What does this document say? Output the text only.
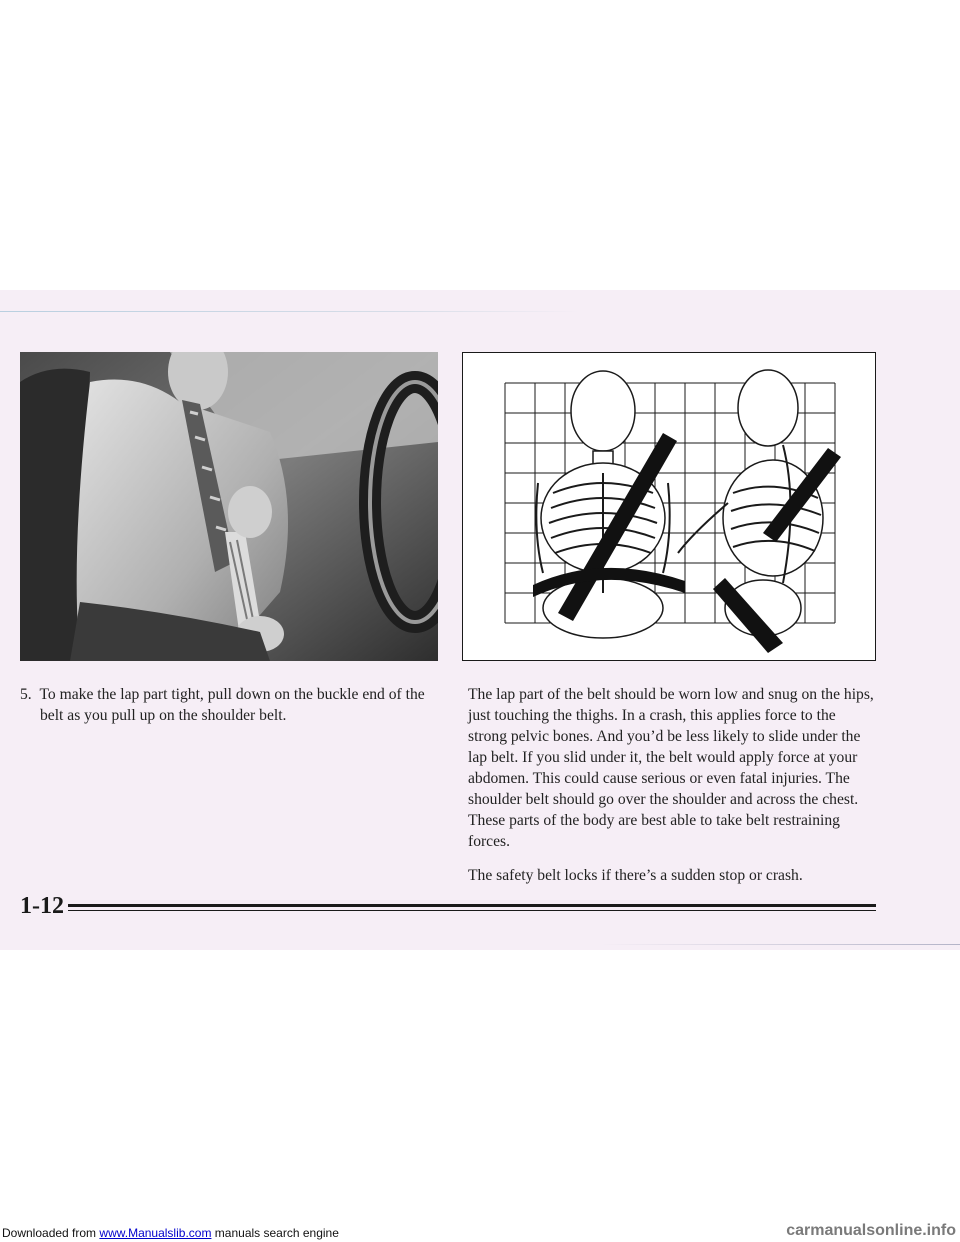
5. To make the lap part tight, pull down on the buckle end of the belt as you pull up on the shoulder belt.

The lap part of the belt should be worn low and snug on the hips, just touching the thighs. In a crash, this applies force to the strong pelvic bones. And you’d be less likely to slide under the lap belt. If you slid under it, the belt would apply force at your abdomen. This could cause serious or even fatal injuries. The shoulder belt should go over the shoulder and across the chest. These parts of the body are best able to take belt restraining forces.

The safety belt locks if there’s a sudden stop or crash.

1-12
Downloaded from www.Manualslib.com manuals search engine	carmanualsonline.info
